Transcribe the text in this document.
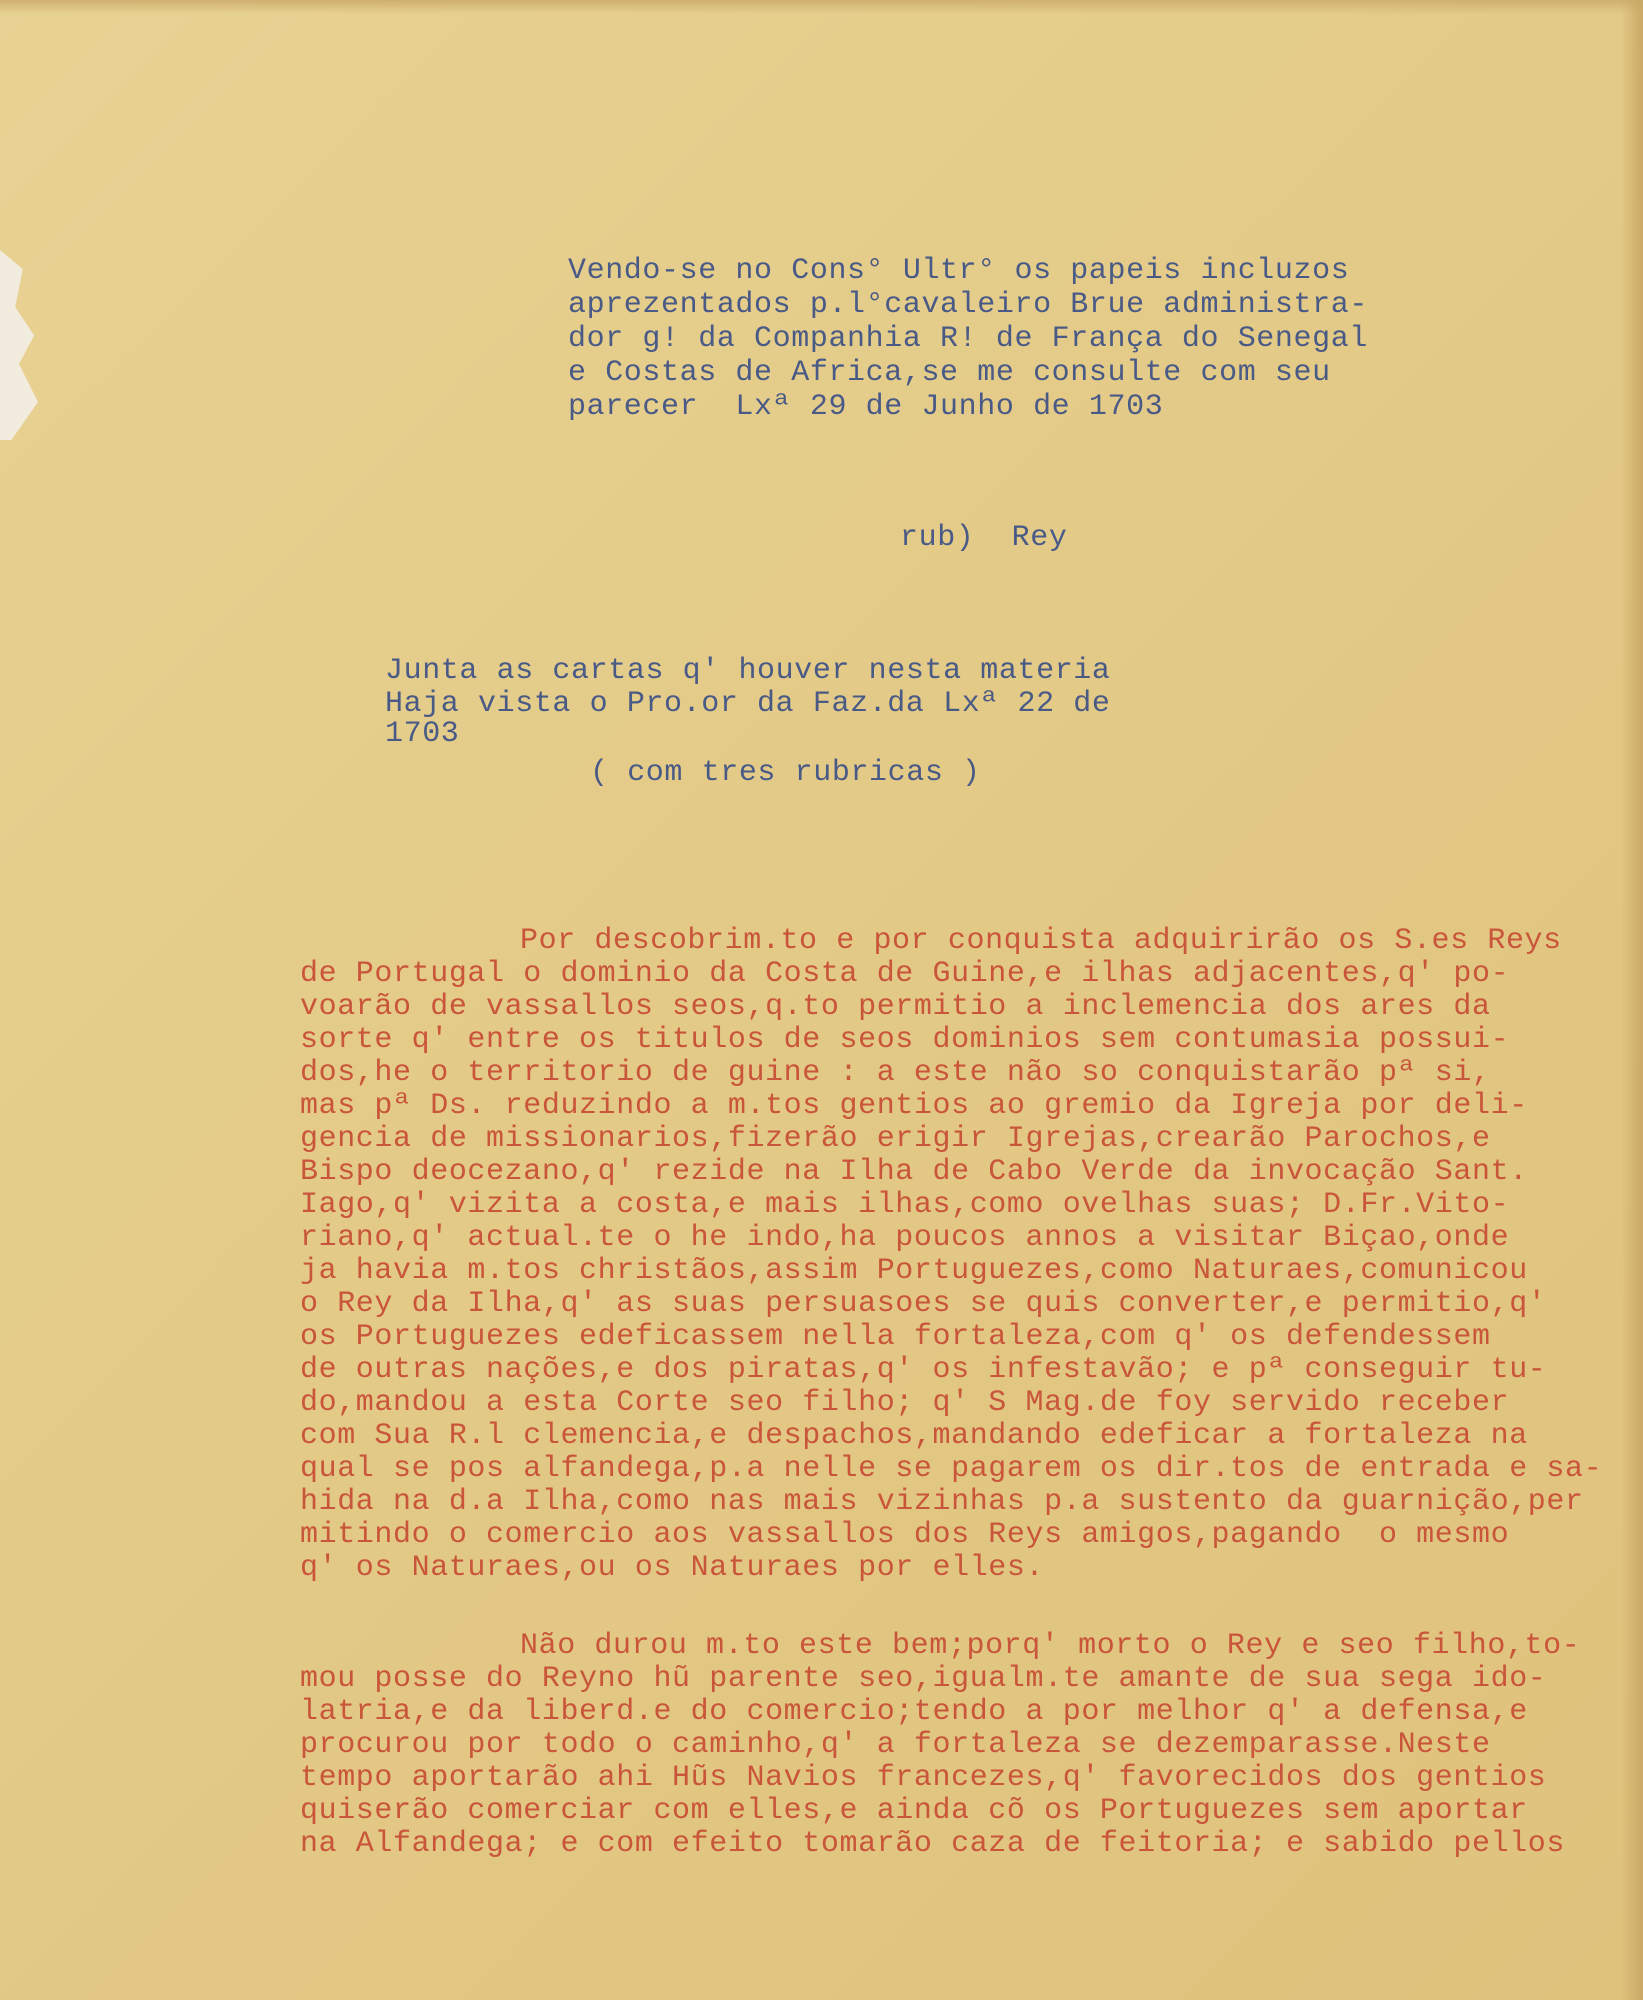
Vendo-se no Cons° Ultr° os papeis incluzos
aprezentados p.l°cavaleiro Brue administra-
dor g! da Companhia R! de França do Senegal
e Costas de Africa,se me consulte com seu
parecer  Lxª 29 de Junho de 1703
rub)  Rey
Junta as cartas q' houver nesta materia
Haja vista o Pro.or da Faz.da Lxª 22 de
1703
( com tres rubricas )
Por descobrim.to e por conquista adquirirão os S.es Reys
de Portugal o dominio da Costa de Guine,e ilhas adjacentes,q' po-
voarão de vassallos seos,q.to permitio a inclemencia dos ares da
sorte q' entre os titulos de seos dominios sem contumasia possui-
dos,he o territorio de guine : a este não so conquistarão pª si,
mas pª Ds. reduzindo a m.tos gentios ao gremio da Igreja por deli-
gencia de missionarios,fizerão erigir Igrejas,crearão Parochos,e
Bispo deocezano,q' rezide na Ilha de Cabo Verde da invocação Sant.
Iago,q' vizita a costa,e mais ilhas,como ovelhas suas; D.Fr.Vito-
riano,q' actual.te o he indo,ha poucos annos a visitar Biçao,onde
ja havia m.tos christãos,assim Portuguezes,como Naturaes,comunicou
o Rey da Ilha,q' as suas persuasoes se quis converter,e permitio,q'
os Portuguezes edeficassem nella fortaleza,com q' os defendessem
de outras nações,e dos piratas,q' os infestavão; e pª conseguir tu-
do,mandou a esta Corte seo filho; q' S Mag.de foy servido receber
com Sua R.l clemencia,e despachos,mandando edeficar a fortaleza na
qual se pos alfandega,p.a nelle se pagarem os dir.tos de entrada e sa-
hida na d.a Ilha,como nas mais vizinhas p.a sustento da guarnição,per
mitindo o comercio aos vassallos dos Reys amigos,pagando  o mesmo
q' os Naturaes,ou os Naturaes por elles.
Não durou m.to este bem;porq' morto o Rey e seo filho,to-
mou posse do Reyno hũ parente seo,igualm.te amante de sua sega ido-
latria,e da liberd.e do comercio;tendo a por melhor q' a defensa,e
procurou por todo o caminho,q' a fortaleza se dezemparasse.Neste
tempo aportarão ahi Hũs Navios francezes,q' favorecidos dos gentios
quiserão comerciar com elles,e ainda cõ os Portuguezes sem aportar
na Alfandega; e com efeito tomarão caza de feitoria; e sabido pellos
